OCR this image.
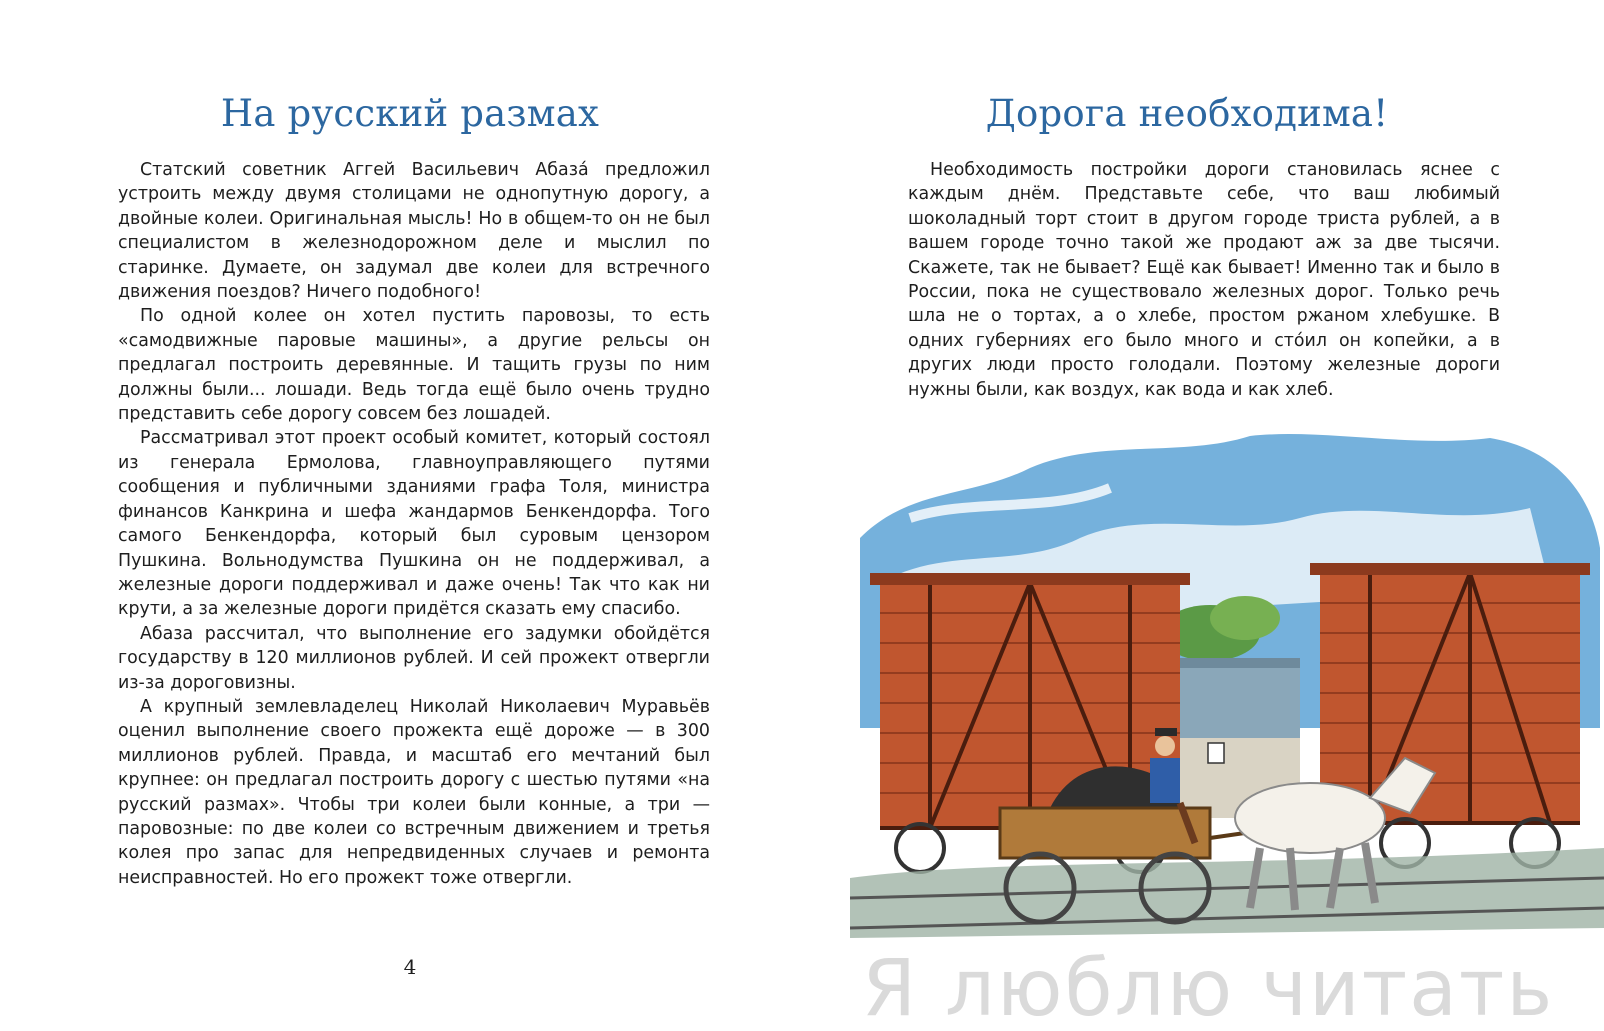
На русский размах

Статский советник Аггей Васильевич Абаза́ предложил устроить между двумя столицами не однопутную дорогу, а двойные колеи. Оригинальная мысль! Но в общем-то он не был специалистом в железнодорожном деле и мыслил по старинке. Думаете, он задумал две колеи для встречного движения поездов? Ничего подобного!

По одной колее он хотел пустить паровозы, то есть «самодвижные паровые машины», а другие рельсы он предлагал построить деревянные. И тащить грузы по ним должны были... лошади. Ведь тогда ещё было очень трудно представить себе дорогу совсем без лошадей.

Рассматривал этот проект особый комитет, который состоял из генерала Ермолова, главноуправляющего путями сообщения и публичными зданиями графа Толя, министра финансов Канкрина и шефа жандармов Бенкендорфа. Того самого Бенкендорфа, который был суровым цензором Пушкина. Вольнодумства Пушкина он не поддерживал, а железные дороги поддерживал и даже очень! Так что как ни крути, а за железные дороги придётся сказать ему спасибо.

Абаза рассчитал, что выполнение его задумки обойдётся государству в 120 миллионов рублей. И сей прожект отвергли из-за дороговизны.

А крупный землевладелец Николай Николаевич Муравьёв оценил выполнение своего прожекта ещё дороже — в 300 миллионов рублей. Правда, и масштаб его мечтаний был крупнее: он предлагал построить дорогу с шестью путями «на русский размах». Чтобы три колеи были конные, а три — паровозные: по две колеи со встречным движением и третья колея про запас для непредвиденных случаев и ремонта неисправностей. Но его прожект тоже отвергли.

4
Дорога необходима!

Необходимость постройки дороги становилась яснее с каждым днём. Представьте себе, что ваш любимый шоколадный торт стоит в другом городе триста рублей, а в вашем городе точно такой же продают аж за две тысячи. Скажете, так не бывает? Ещё как бывает! Именно так и было в России, пока не существовало железных дорог. Только речь шла не о тортах, а о хлебе, простом ржаном хлебушке. В одних губерниях его было много и сто́ил он копейки, а в других люди просто голодали. Поэтому железные дороги нужны были, как воздух, как вода и как хлеб.

Я люблю читать
